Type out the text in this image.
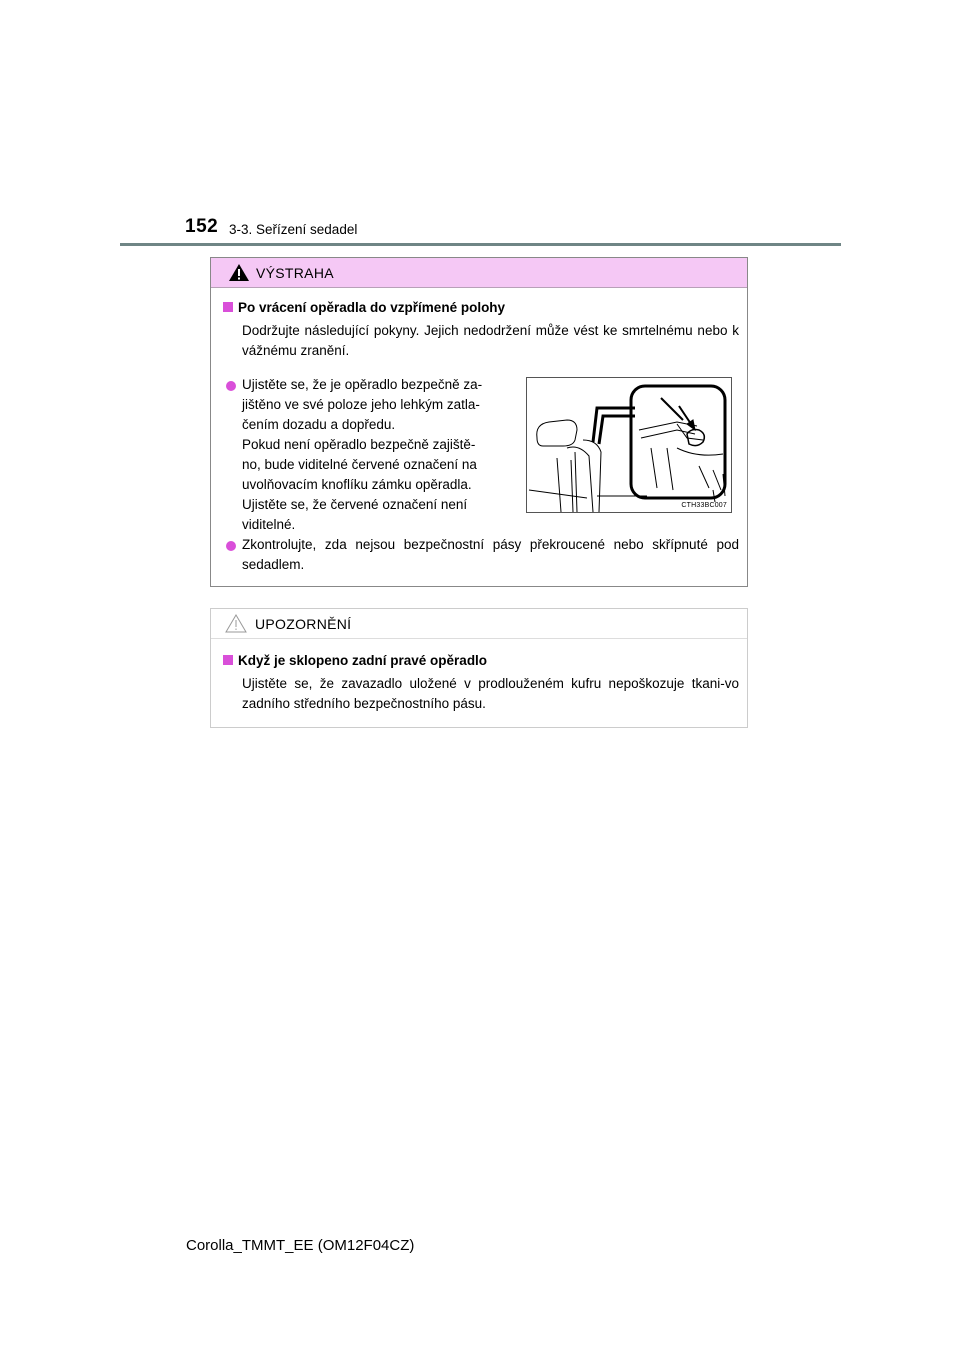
152 3-3. Seřízení sedadel
VÝSTRAHA
Po vrácení opěradla do vzpřímené polohy
Dodržujte následující pokyny. Jejich nedodržení může vést ke smrtelnému nebo k vážnému zranění.
Ujistěte se, že je opěradlo bezpečně za-
jištěno ve své poloze jeho lehkým zatla-
čením dozadu a dopředu.
Pokud není opěradlo bezpečně zajiště-
no, bude viditelné červené označení na
uvolňovacím knoflíku zámku opěradla.
Ujistěte se, že červené označení není
viditelné.
CTH33BC007
Zkontrolujte, zda nejsou bezpečnostní pásy překroucené nebo skřípnuté pod sedadlem.
UPOZORNĚNÍ
Když je sklopeno zadní pravé opěradlo
Ujistěte se, že zavazadlo uložené v prodlouženém kufru nepoškozuje tkani-vo zadního středního bezpečnostního pásu.
Corolla_TMMT_EE (OM12F04CZ)
